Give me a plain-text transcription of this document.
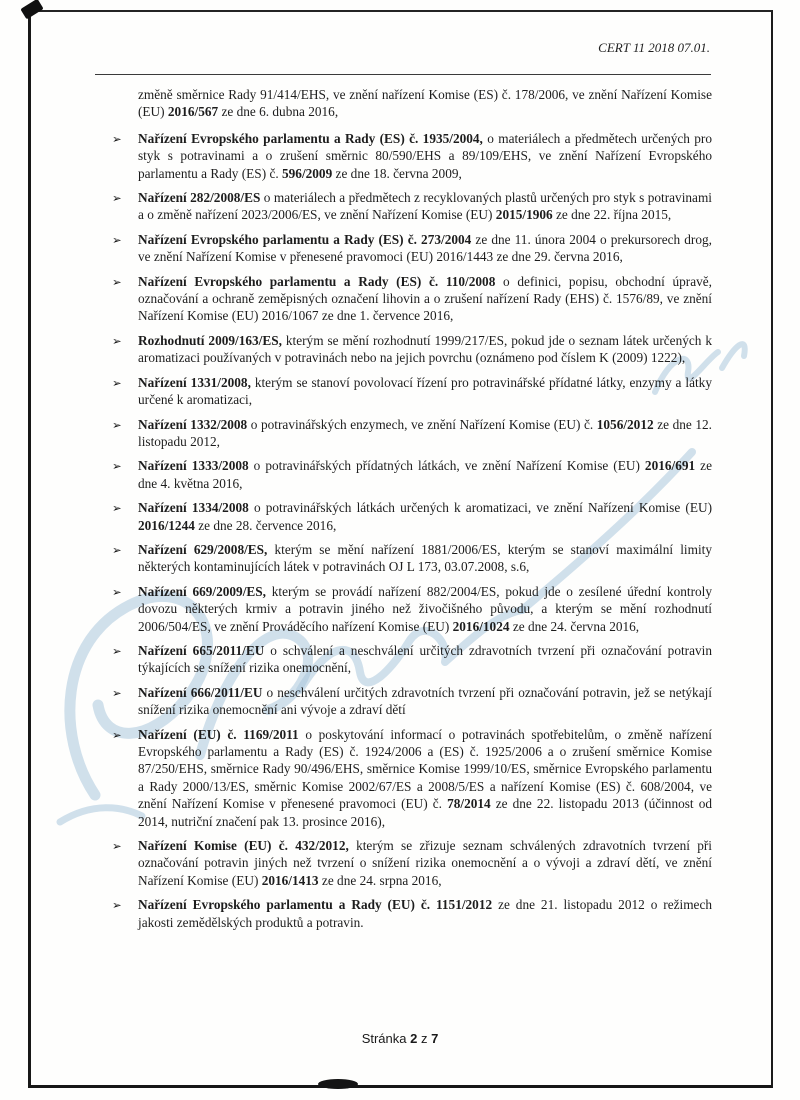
CERT 11 2018 07.01.

změně směrnice Rady 91/414/EHS, ve znění nařízení Komise (ES) č. 178/2006, ve znění Nařízení Komise (EU) 2016/567 ze dne 6. dubna 2016,

➢ Nařízení Evropského parlamentu a Rady (ES) č. 1935/2004, o materiálech a předmětech určených pro styk s potravinami a o zrušení směrnic 80/590/EHS a 89/109/EHS, ve znění Nařízení Evropského parlamentu a Rady (ES) č. 596/2009 ze dne 18. června 2009,
➢ Nařízení 282/2008/ES o materiálech a předmětech z recyklovaných plastů určených pro styk s potravinami a o změně nařízení 2023/2006/ES, ve znění Nařízení Komise (EU) 2015/1906 ze dne 22. října 2015,
➢ Nařízení Evropského parlamentu a Rady (ES) č. 273/2004 ze dne 11. února 2004 o prekursorech drog, ve znění Nařízení Komise v přenesené pravomoci (EU) 2016/1443 ze dne 29. června 2016,
➢ Nařízení Evropského parlamentu a Rady (ES) č. 110/2008 o definici, popisu, obchodní úpravě, označování a ochraně zeměpisných označení lihovin a o zrušení nařízení Rady (EHS) č. 1576/89, ve znění Nařízení Komise (EU) 2016/1067 ze dne 1. července 2016,
➢ Rozhodnutí 2009/163/ES, kterým se mění rozhodnutí 1999/217/ES, pokud jde o seznam látek určených k aromatizaci používaných v potravinách nebo na jejich povrchu (oznámeno pod číslem K (2009) 1222),
➢ Nařízení 1331/2008, kterým se stanoví povolovací řízení pro potravinářské přídatné látky, enzymy a látky určené k aromatizaci,
➢ Nařízení 1332/2008 o potravinářských enzymech, ve znění Nařízení Komise (EU) č. 1056/2012 ze dne 12. listopadu 2012,
➢ Nařízení 1333/2008 o potravinářských přídatných látkách, ve znění Nařízení Komise (EU) 2016/691 ze dne 4. května 2016,
➢ Nařízení 1334/2008 o potravinářských látkách určených k aromatizaci, ve znění Nařízení Komise (EU) 2016/1244 ze dne 28. července 2016,
➢ Nařízení 629/2008/ES, kterým se mění nařízení 1881/2006/ES, kterým se stanoví maximální limity některých kontaminujících látek v potravinách OJ L 173, 03.07.2008, s.6,
➢ Nařízení 669/2009/ES, kterým se provádí nařízení 882/2004/ES, pokud jde o zesílené úřední kontroly dovozu některých krmiv a potravin jiného než živočišného původu, a kterým se mění rozhodnutí 2006/504/ES, ve znění Prováděcího nařízení Komise (EU) 2016/1024 ze dne 24. června 2016,
➢ Nařízení 665/2011/EU o schválení a neschválení určitých zdravotních tvrzení při označování potravin týkajících se snížení rizika onemocnění,
➢ Nařízení 666/2011/EU o neschválení určitých zdravotních tvrzení při označování potravin, jež se netýkají snížení rizika onemocnění ani vývoje a zdraví dětí
➢ Nařízení (EU) č. 1169/2011 o poskytování informací o potravinách spotřebitelům, o změně nařízení Evropského parlamentu a Rady (ES) č. 1924/2006 a (ES) č. 1925/2006 a o zrušení směrnice Komise 87/250/EHS, směrnice Rady 90/496/EHS, směrnice Komise 1999/10/ES, směrnice Evropského parlamentu a Rady 2000/13/ES, směrnic Komise 2002/67/ES a 2008/5/ES a nařízení Komise (ES) č. 608/2004, ve znění Nařízení Komise v přenesené pravomoci (EU) č. 78/2014 ze dne 22. listopadu 2013 (účinnost od 2014, nutriční značení pak 13. prosince 2016),
➢ Nařízení Komise (EU) č. 432/2012, kterým se zřizuje seznam schválených zdravotních tvrzení při označování potravin jiných než tvrzení o snížení rizika onemocnění a o vývoji a zdraví dětí, ve znění Nařízení Komise (EU) 2016/1413 ze dne 24. srpna 2016,
➢ Nařízení Evropského parlamentu a Rady (EU) č. 1151/2012 ze dne 21. listopadu 2012 o režimech jakosti zemědělských produktů a potravin.
Stránka 2 z 7
